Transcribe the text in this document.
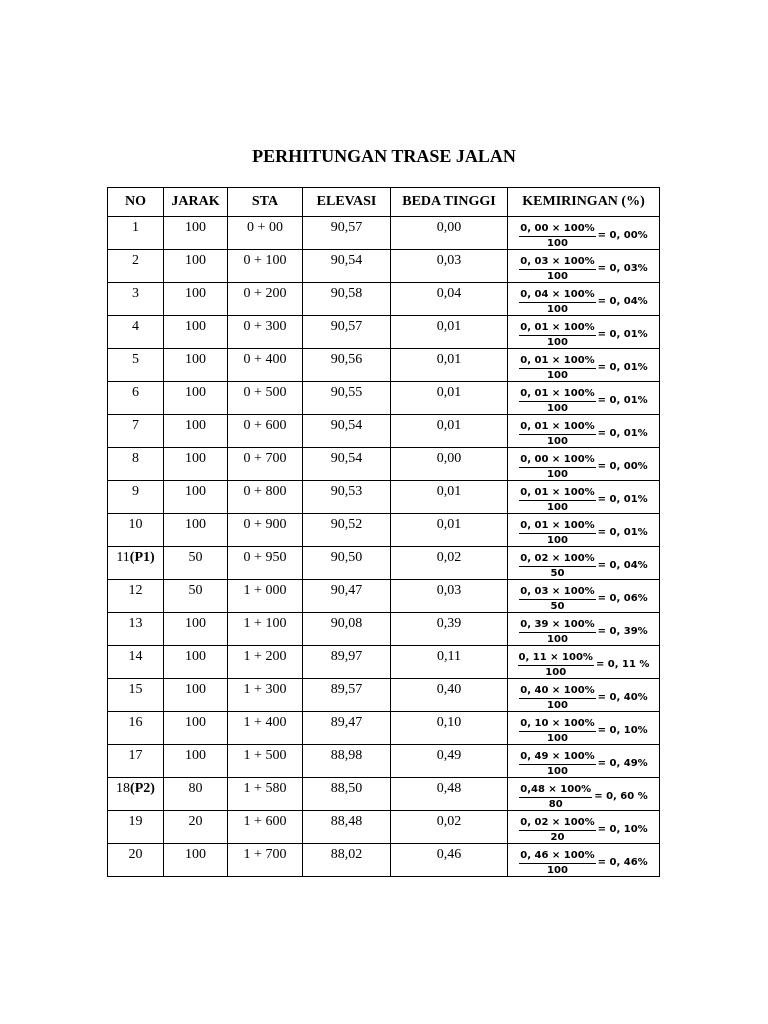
PERHITUNGAN TRASE JALAN
NO	JARAK	STA	ELEVASI	BEDA TINGGI	KEMIRINGAN (%)
1	100	0 + 00	90,57	0,00	$\frac{0, 00 \times 100\%}{100} = 0$, 00%

2	100	0 + 100	90,54	0,03	$\frac{0, 03 \times 100\%}{100} = 0$, 03%

3	100	0 + 200	90,58	0,04	$\frac{0, 04 \times 100\%}{100} = 0$, 04%

4	100	0 + 300	90,57	0,01	$\frac{0, 01 \times 100\%}{100} = 0$, 01%

5	100	0 + 400	90,56	0,01	$\frac{0, 01 \times 100\%}{100} = 0$, 01%

6	100	0 + 500	90,55	0,01	$\frac{0, 01 \times 100\%}{100} = 0$, 01%

7	100	0 + 600	90,54	0,01	$\frac{0, 01 \times 100\%}{100} = 0$, 01%

8	100	0 + 700	90,54	0,00	$\frac{0, 00 \times 100\%}{100} = 0$, 00%

9	100	0 + 800	90,53	0,01	$\frac{0, 01 \times 100\%}{100} = 0$, 01%

10	100	0 + 900	90,52	0,01	$\frac{0, 01 \times 100\%}{100} = 0$, 01%

11(P1)	50	0 + 950	90,50	0,02	$\frac{0, 02 \times 100\%}{50} = 0$, 04%

12	50	1 + 000	90,47	0,03	$\frac{0, 03 \times 100\%}{50} = 0$, 06%

13	100	1 + 100	90,08	0,39	$\frac{0, 39 \times 100\%}{100} = 0$, 39%

14	100	1 + 200	89,97	0,11	$\frac{0, 11 \times 100\%}{100} = 0$, 11 %

15	100	1 + 300	89,57	0,40	$\frac{0, 40 \times 100\%}{100} = 0$, 40%

16	100	1 + 400	89,47	0,10	$\frac{0, 10 \times 100\%}{100} = 0$, 10%

17	100	1 + 500	88,98	0,49	$\frac{0, 49 \times 100\%}{100} = 0$, 49%

18(P2)	80	1 + 580	88,50	0,48	$\frac{0,48 \times 100\%}{80} = 0$, 60 %

19	20	1 + 600	88,48	0,02	$\frac{0, 02 \times 100\%}{20} = 0$, 10%

20	100	1 + 700	88,02	0,46	$\frac{0, 46 \times 100\%}{100} = 0$, 46%
